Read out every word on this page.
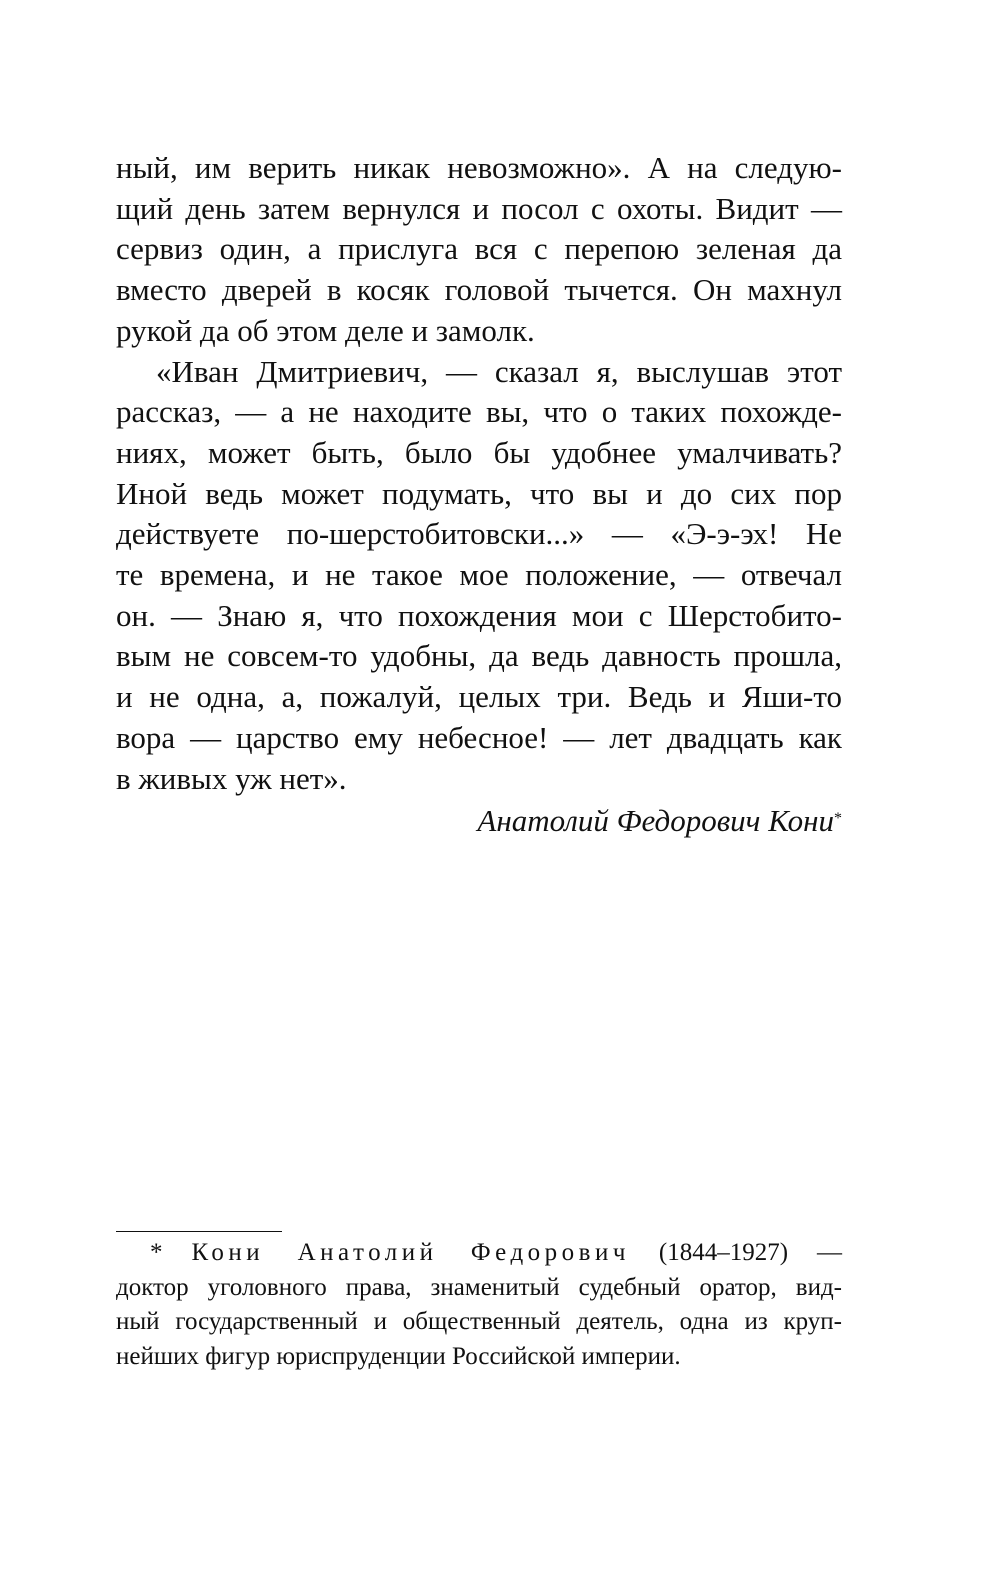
ный, им верить никак невозможно». А на следую-
щий день затем вернулся и посол с охоты. Видит —
сервиз один, а прислуга вся с перепою зеленая да
вместо дверей в косяк головой тычется. Он махнул
рукой да об этом деле и замолк.
«Иван Дмитриевич, — сказал я, выслушав этот
рассказ, — а не находите вы, что о таких похожде-
ниях, может быть, было бы удобнее умалчивать?
Иной ведь может подумать, что вы и до сих пор
действуете по-шерстобитовски...» — «Э-э-эх! Не
те времена, и не такое мое положение, — отвечал
он. — Знаю я, что похождения мои с Шерстобито-
вым не совсем-то удобны, да ведь давность прошла,
и не одна, а, пожалуй, целых три. Ведь и Яши-то
вора — царство ему небесное! — лет двадцать как
в живых уж нет».
Анатолий Федорович Кони*
* Кони Анатолий Федорович (1844–1927) —
доктор уголовного права, знаменитый судебный оратор, вид-
ный государственный и общественный деятель, одна из круп-
нейших фигур юриспруденции Российской империи.
